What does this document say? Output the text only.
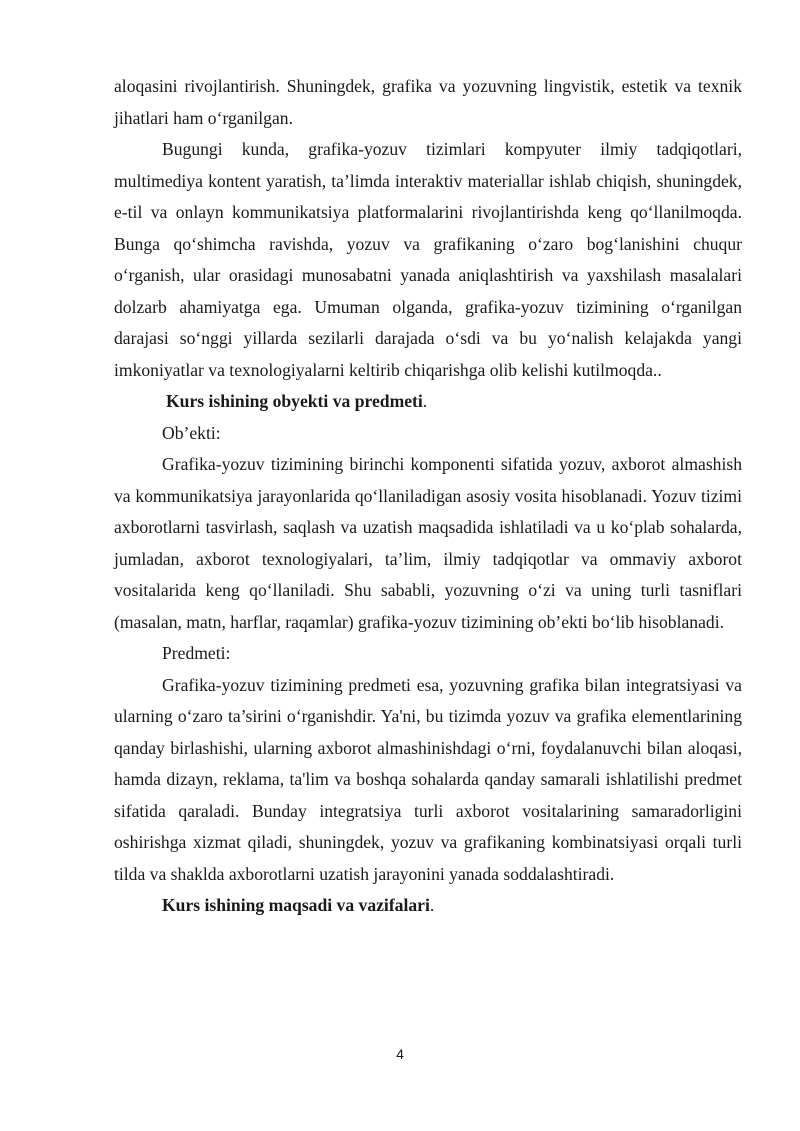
aloqasini rivojlantirish. Shuningdek, grafika va yozuvning lingvistik, estetik va texnik jihatlari ham o‘rganilgan.

Bugungi kunda, grafika-yozuv tizimlari kompyuter ilmiy tadqiqotlari, multimediya kontent yaratish, ta’limda interaktiv materiallar ishlab chiqish, shuningdek, e-til va onlayn kommunikatsiya platformalarini rivojlantirishda keng qo‘llanilmoqda. Bunga qo‘shimcha ravishda, yozuv va grafikaning o‘zaro bog‘lanishini chuqur o‘rganish, ular orasidagi munosabatni yanada aniqlashtirish va yaxshilash masalalari dolzarb ahamiyatga ega. Umuman olganda, grafika-yozuv tizimining o‘rganilgan darajasi so‘nggi yillarda sezilarli darajada o‘sdi va bu yo‘nalish kelajakda yangi imkoniyatlar va texnologiyalarni keltirib chiqarishga olib kelishi kutilmoqda..

Kurs ishining obyekti va predmeti.

Ob’ekti:

Grafika-yozuv tizimining birinchi komponenti sifatida yozuv, axborot almashish va kommunikatsiya jarayonlarida qo‘llaniladigan asosiy vosita hisoblanadi. Yozuv tizimi axborotlarni tasvirlash, saqlash va uzatish maqsadida ishlatiladi va u ko‘plab sohalarda, jumladan, axborot texnologiyalari, ta’lim, ilmiy tadqiqotlar va ommaviy axborot vositalarida keng qo‘llaniladi. Shu sababli, yozuvning o‘zi va uning turli tasniflari (masalan, matn, harflar, raqamlar) grafika-yozuv tizimining ob’ekti bo‘lib hisoblanadi.

Predmeti:

Grafika-yozuv tizimining predmeti esa, yozuvning grafika bilan integratsiyasi va ularning o‘zaro ta’sirini o‘rganishdir. Ya'ni, bu tizimda yozuv va grafika elementlarining qanday birlashishi, ularning axborot almashinishdagi o‘rni, foydalanuvchi bilan aloqasi, hamda dizayn, reklama, ta'lim va boshqa sohalarda qanday samarali ishlatilishi predmet sifatida qaraladi. Bunday integratsiya turli axborot vositalarining samaradorligini oshirishga xizmat qiladi, shuningdek, yozuv va grafikaning kombinatsiyasi orqali turli tilda va shaklda axborotlarni uzatish jarayonini yanada soddalashtiradi.

Kurs ishining maqsadi va vazifalari.

4
